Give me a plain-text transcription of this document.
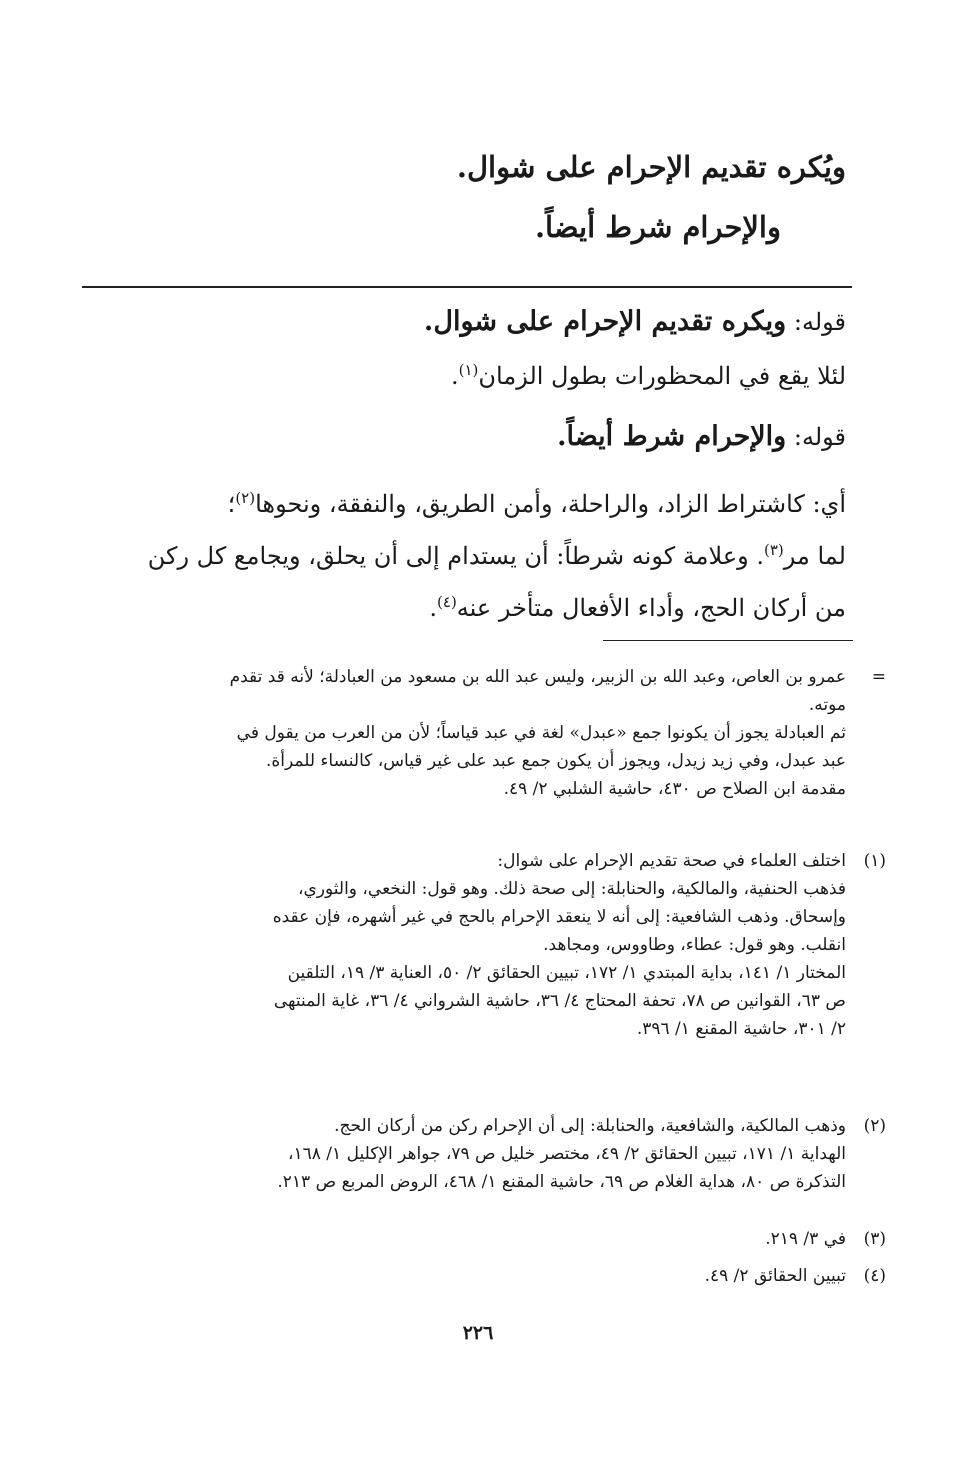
ويُكره تقديم الإحرام على شوال.
والإحرام شرط أيضاً.
قوله: ويكره تقديم الإحرام على شوال.
لئلا يقع في المحظورات بطول الزمان$^{(١)}$.
قوله: والإحرام شرط أيضاً.
أي: كاشتراط الزاد، والراحلة، وأمن الطريق، والنفقة، ونحوها$^{(٢)}$؛
لما مر$^{(٣)}$. وعلامة كونه شرطاً: أن يستدام إلى أن يحلق، ويجامع كل ركن
من أركان الحج، وأداء الأفعال متأخر عنه$^{(٤)}$.
=
عمرو بن العاص، وعبد الله بن الزبير، وليس عبد الله بن مسعود من العبادلة؛ لأنه قد تقدم
موته.
ثم العبادلة يجوز أن يكونوا جمع «عبدل» لغة في عبد قياساً؛ لأن من العرب من يقول في
عبد عبدل، وفي زيد زيدل، ويجوز أن يكون جمع عبد على غير قياس، كالنساء للمرأة.
مقدمة ابن الصلاح ص ٤٣٠، حاشية الشلبي ٢/ ٤٩.
(١)
اختلف العلماء في صحة تقديم الإحرام على شوال:
فذهب الحنفية، والمالكية، والحنابلة: إلى صحة ذلك. وهو قول: النخعي، والثوري،
وإسحاق. وذهب الشافعية: إلى أنه لا ينعقد الإحرام بالحج في غير أشهره، فإن عقده
انقلب. وهو قول: عطاء، وطاووس، ومجاهد.
المختار ١/ ١٤١، بداية المبتدي ١/ ١٧٢، تبيين الحقائق ٢/ ٥٠، العناية ٣/ ١٩، التلقين
ص ٦٣، القوانين ص ٧٨، تحفة المحتاج ٤/ ٣٦، حاشية الشرواني ٤/ ٣٦، غاية المنتهى
٢/ ٣٠١، حاشية المقنع ١/ ٣٩٦.
(٢)
وذهب المالكية، والشافعية، والحنابلة: إلى أن الإحرام ركن من أركان الحج.
الهداية ١/ ١٧١، تبيين الحقائق ٢/ ٤٩، مختصر خليل ص ٧٩، جواهر الإكليل ١/ ١٦٨،
التذكرة ص ٨٠، هداية الغلام ص ٦٩، حاشية المقنع ١/ ٤٦٨، الروض المربع ص ٢١٣.
(٣)
في ٣/ ٢١٩.
(٤)
تبيين الحقائق ٢/ ٤٩.
٢٢٦
